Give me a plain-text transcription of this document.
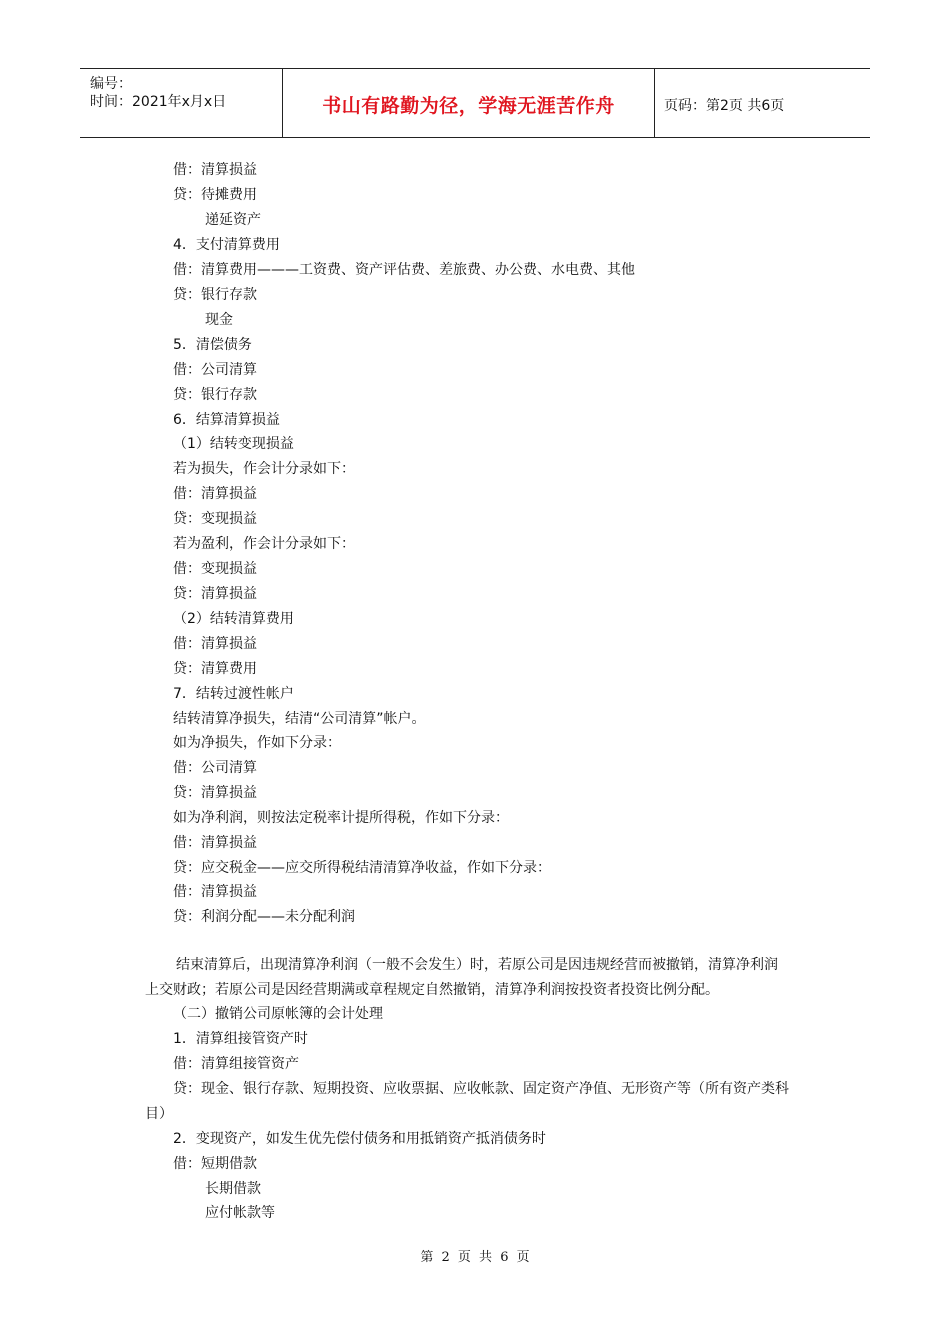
编号：
时间：2021年x月x日	书山有路勤为径，学海无涯苦作舟	页码：第2页 共6页
借：清算损益
贷：待摊费用
递延资产
4．支付清算费用
借：清算费用———工资费、资产评估费、差旅费、办公费、水电费、其他
贷：银行存款
现金
5．清偿债务
借：公司清算
贷：银行存款
6．结算清算损益
（1）结转变现损益
若为损失，作会计分录如下：
借：清算损益
贷：变现损益
若为盈利，作会计分录如下：
借：变现损益
贷：清算损益
（2）结转清算费用
借：清算损益
贷：清算费用
7．结转过渡性帐户
结转清算净损失，结清“公司清算”帐户。
如为净损失，作如下分录：
借：公司清算
贷：清算损益
如为净利润，则按法定税率计提所得税，作如下分录：
借：清算损益
贷：应交税金——应交所得税结清清算净收益，作如下分录：
借：清算损益
贷：利润分配——未分配利润
结束清算后，出现清算净利润（一般不会发生）时，若原公司是因违规经营而被撤销，清算净利润
上交财政；若原公司是因经营期满或章程规定自然撤销，清算净利润按投资者投资比例分配。
（二）撤销公司原帐簿的会计处理
1．清算组接管资产时
借：清算组接管资产
贷：现金、银行存款、短期投资、应收票据、应收帐款、固定资产净值、无形资产等（所有资产类科
目）
2．变现资产，如发生优先偿付债务和用抵销资产抵消债务时
借：短期借款
长期借款
应付帐款等
第 2 页 共 6 页
